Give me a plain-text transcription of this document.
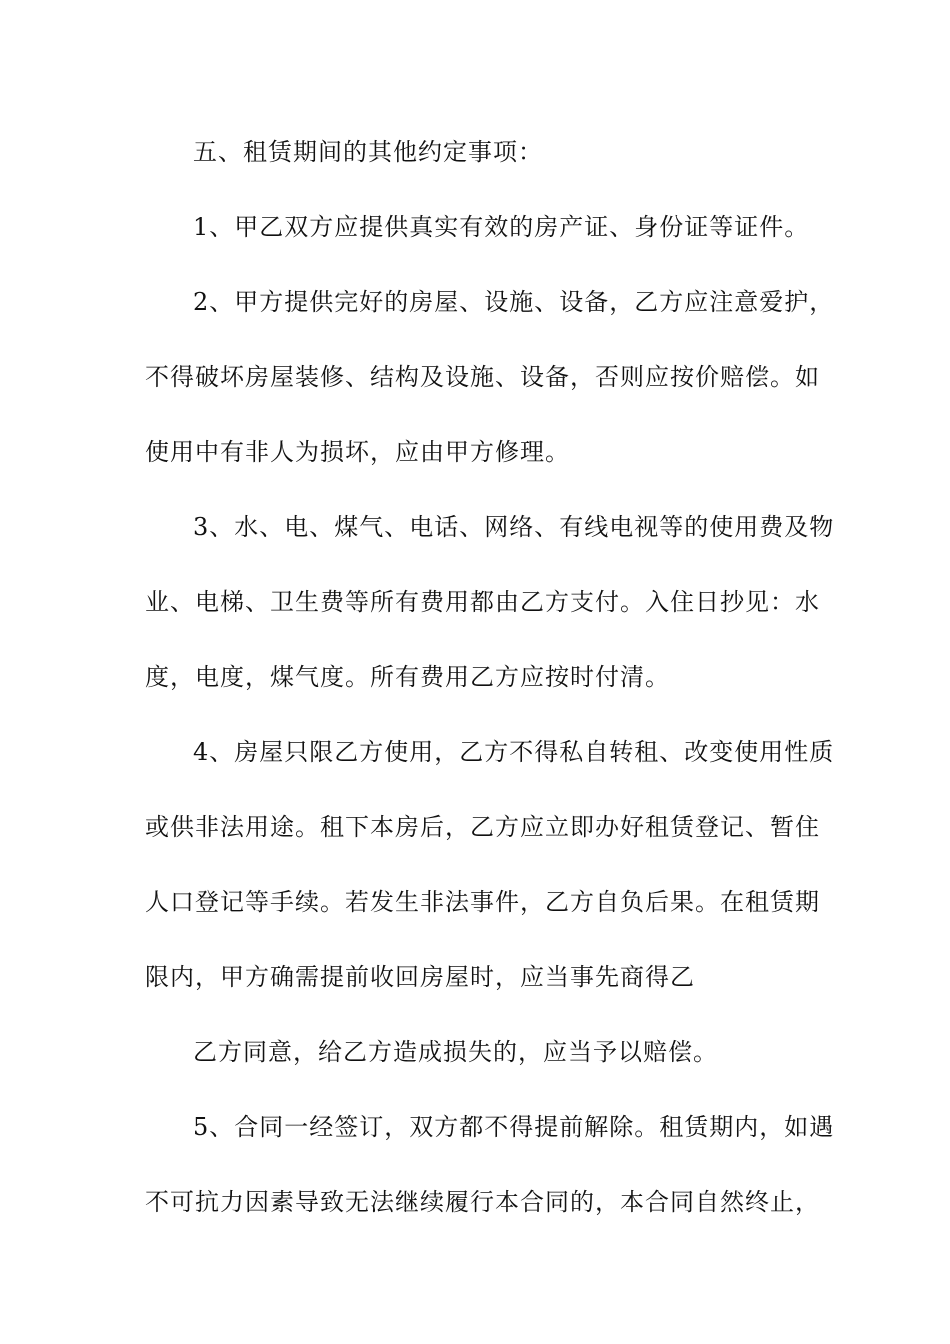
五、租赁期间的其他约定事项：
1、甲乙双方应提供真实有效的房产证、身份证等证件。
2、甲方提供完好的房屋、设施、设备，乙方应注意爱护，
不得破坏房屋装修、结构及设施、设备，否则应按价赔偿。如
使用中有非人为损坏，应由甲方修理。
3、水、电、煤气、电话、网络、有线电视等的使用费及物
业、电梯、卫生费等所有费用都由乙方支付。入住日抄见：水
度，电度，煤气度。所有费用乙方应按时付清。
4、房屋只限乙方使用，乙方不得私自转租、改变使用性质
或供非法用途。租下本房后，乙方应立即办好租赁登记、暂住
人口登记等手续。若发生非法事件，乙方自负后果。在租赁期
限内，甲方确需提前收回房屋时，应当事先商得乙
乙方同意，给乙方造成损失的，应当予以赔偿。
5、合同一经签订，双方都不得提前解除。租赁期内，如遇
不可抗力因素导致无法继续履行本合同的，本合同自然终止，
